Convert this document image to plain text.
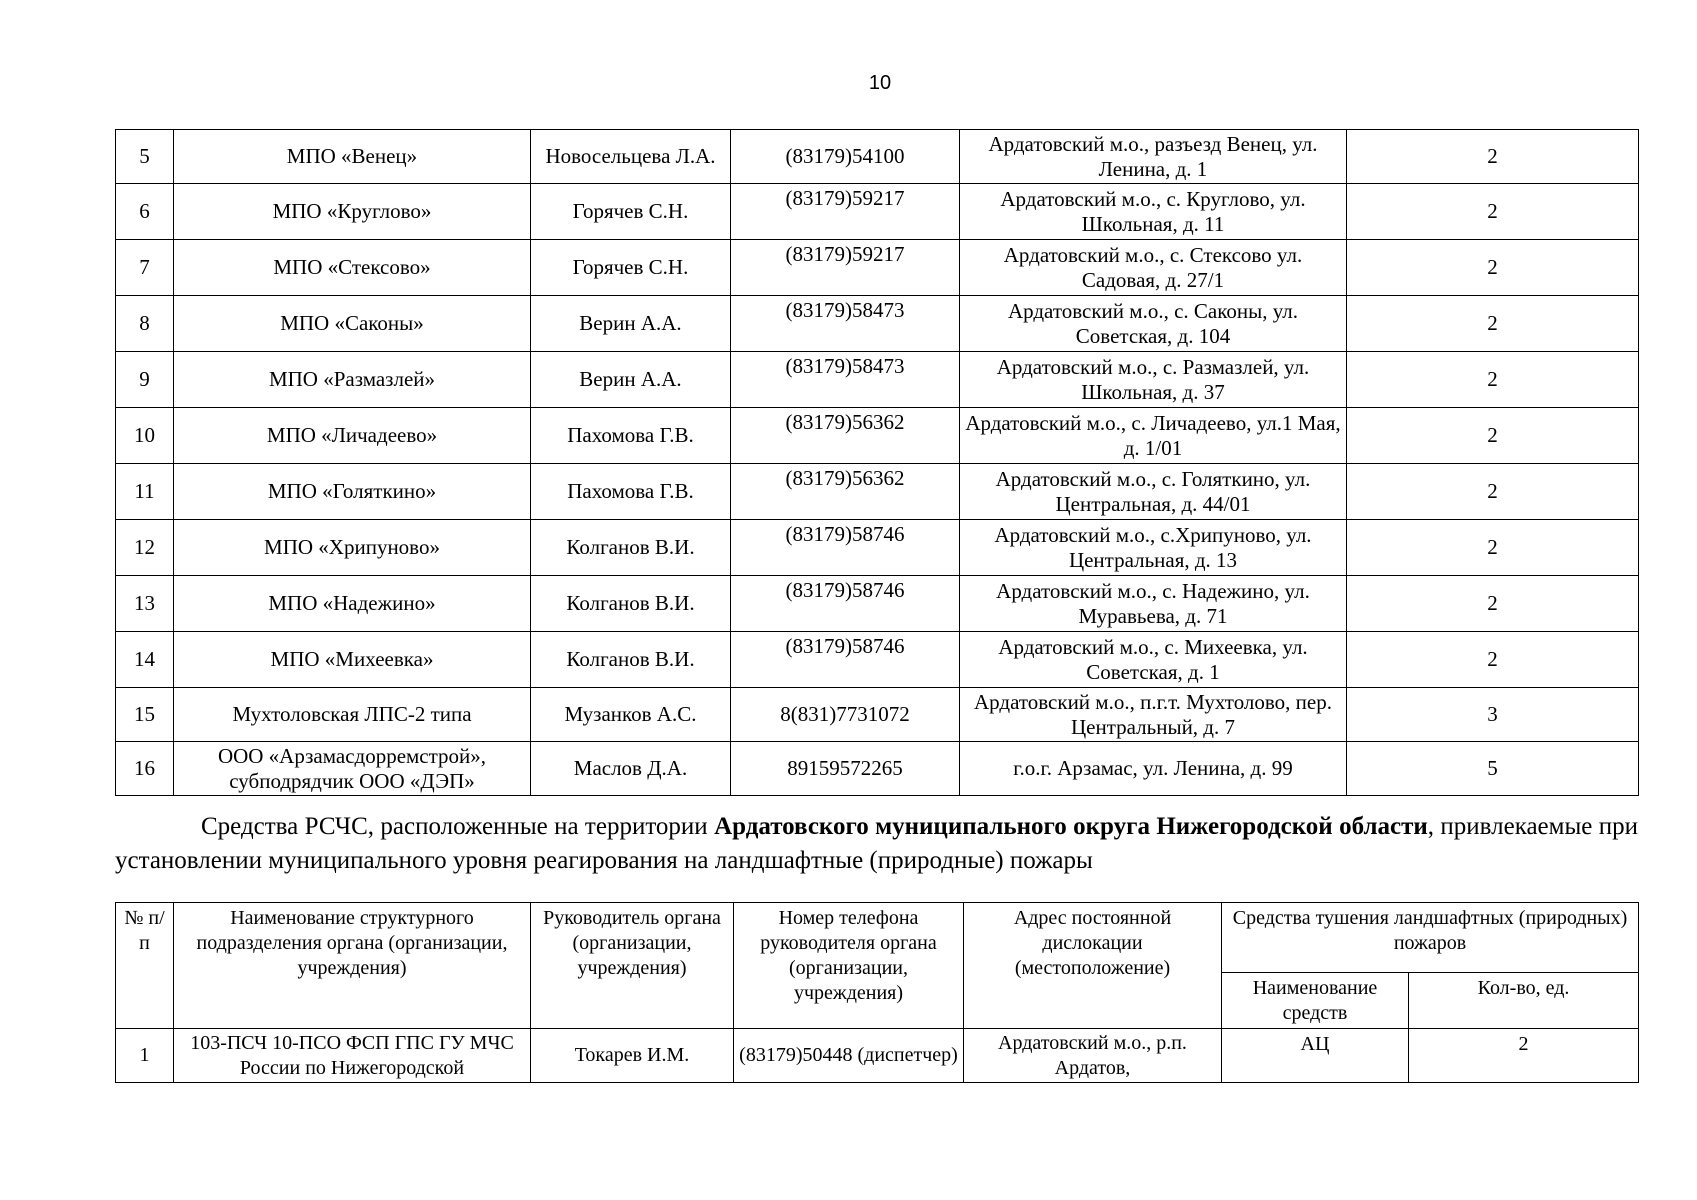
10
5	МПО «Венец»	Новосельцева Л.А.	(83179)54100	Ардатовский м.о., разъезд Венец, ул. Ленина, д. 1	2
6	МПО «Круглово»	Горячев С.Н.	(83179)59217	Ардатовский м.о., с. Круглово, ул. Школьная, д. 11	2
7	МПО «Стексово»	Горячев С.Н.	(83179)59217	Ардатовский м.о., с. Стексово ул. Садовая, д. 27/1	2
8	МПО «Саконы»	Верин А.А.	(83179)58473	Ардатовский м.о., с. Саконы, ул. Советская, д. 104	2
9	МПО «Размазлей»	Верин А.А.	(83179)58473	Ардатовский м.о., с. Размазлей, ул. Школьная, д. 37	2
10	МПО «Личадеево»	Пахомова Г.В.	(83179)56362	Ардатовский м.о., с. Личадеево, ул.1 Мая, д. 1/01	2
11	МПО «Голяткино»	Пахомова Г.В.	(83179)56362	Ардатовский м.о., с. Голяткино, ул. Центральная, д. 44/01	2
12	МПО «Хрипуново»	Колганов В.И.	(83179)58746	Ардатовский м.о., с.Хрипуново, ул. Центральная, д. 13	2
13	МПО «Надежино»	Колганов В.И.	(83179)58746	Ардатовский м.о., с. Надежино, ул. Муравьева, д. 71	2
14	МПО «Михеевка»	Колганов В.И.	(83179)58746	Ардатовский м.о., с. Михеевка, ул. Советская, д. 1	2
15	Мухтоловская ЛПС-2 типа	Музанков А.С.	8(831)7731072	Ардатовский м.о., п.г.т. Мухтолово, пер. Центральный, д. 7	3
16	ООО «Арзамасдорремстрой», субподрядчик ООО «ДЭП»	Маслов Д.А.	89159572265	г.о.г. Арзамас, ул. Ленина, д. 99	5
Средства РСЧС, расположенные на территории Ардатовского муниципального округа Нижегородской области, привлекаемые при установлении муниципального уровня реагирования на ландшафтные (природные) пожары
№ п/п	Наименование структурного подразделения органа (организации, учреждения)	Руководитель органа (организации, учреждения)	Номер телефона руководителя органа (организации, учреждения)	Адрес постоянной дислокации (местоположение)	Средства тушения ландшафтных (природных) пожаров	
					Наименование средств	Кол-во, ед.
1	103-ПСЧ 10-ПСО ФСП ГПС ГУ МЧС России по Нижегородской	Токарев И.М.	(83179)50448 (диспетчер)	Ардатовский м.о., р.п. Ардатов,	АЦ	2
